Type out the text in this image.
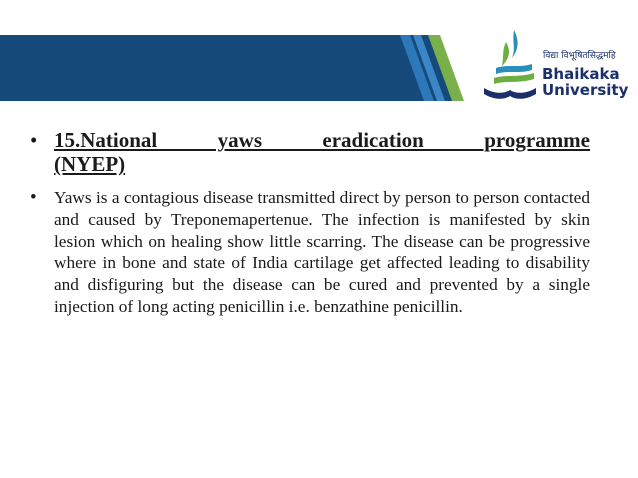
विद्या विभूषितसिद्धमहि
Bhaikaka
University
• 15.National yaws eradication programme
(NYEP)
• Yaws is a contagious disease transmitted direct by person to person contacted and caused by Treponemapertenue. The infection is manifested by skin lesion which on healing show little scarring. The disease can be progressive where in bone and state of India cartilage get affected leading to disability and disfiguring but the disease can be cured and prevented by a single injection of long acting penicillin i.e. benzathine penicillin.
